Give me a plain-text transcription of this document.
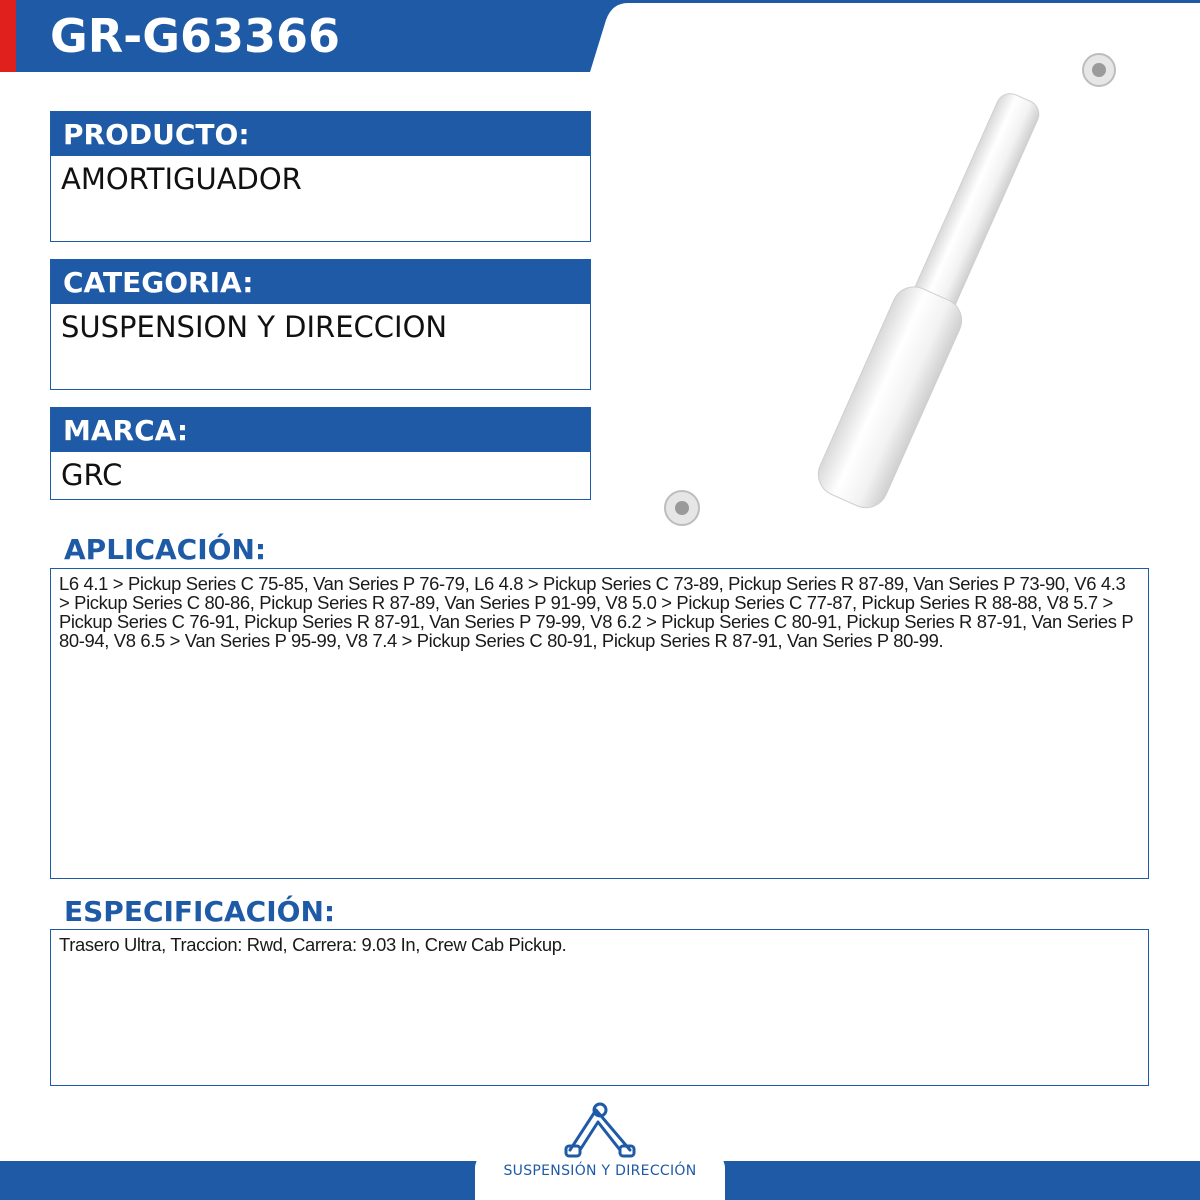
GR-G63366
PRODUCTO:
AMORTIGUADOR
CATEGORIA:
SUSPENSION Y DIRECCION
MARCA:
GRC
APLICACIÓN:
L6 4.1 > Pickup Series C 75-85, Van Series P 76-79, L6 4.8 > Pickup Series C 73-89, Pickup Series R 87-89, Van Series P 73-90, V6 4.3 > Pickup Series C 80-86, Pickup Series R 87-89, Van Series P 91-99, V8 5.0 > Pickup Series C 77-87, Pickup Series R 88-88, V8 5.7 > Pickup Series C 76-91, Pickup Series R 87-91, Van Series P 79-99, V8 6.2 > Pickup Series C 80-91, Pickup Series R 87-91, Van Series P 80-94, V8 6.5 > Van Series P 95-99, V8 7.4 > Pickup Series C 80-91, Pickup Series R 87-91, Van Series P 80-99.
ESPECIFICACIÓN:
Trasero Ultra, Traccion: Rwd, Carrera: 9.03 In, Crew Cab Pickup.
SUSPENSIÓN Y DIRECCIÓN
